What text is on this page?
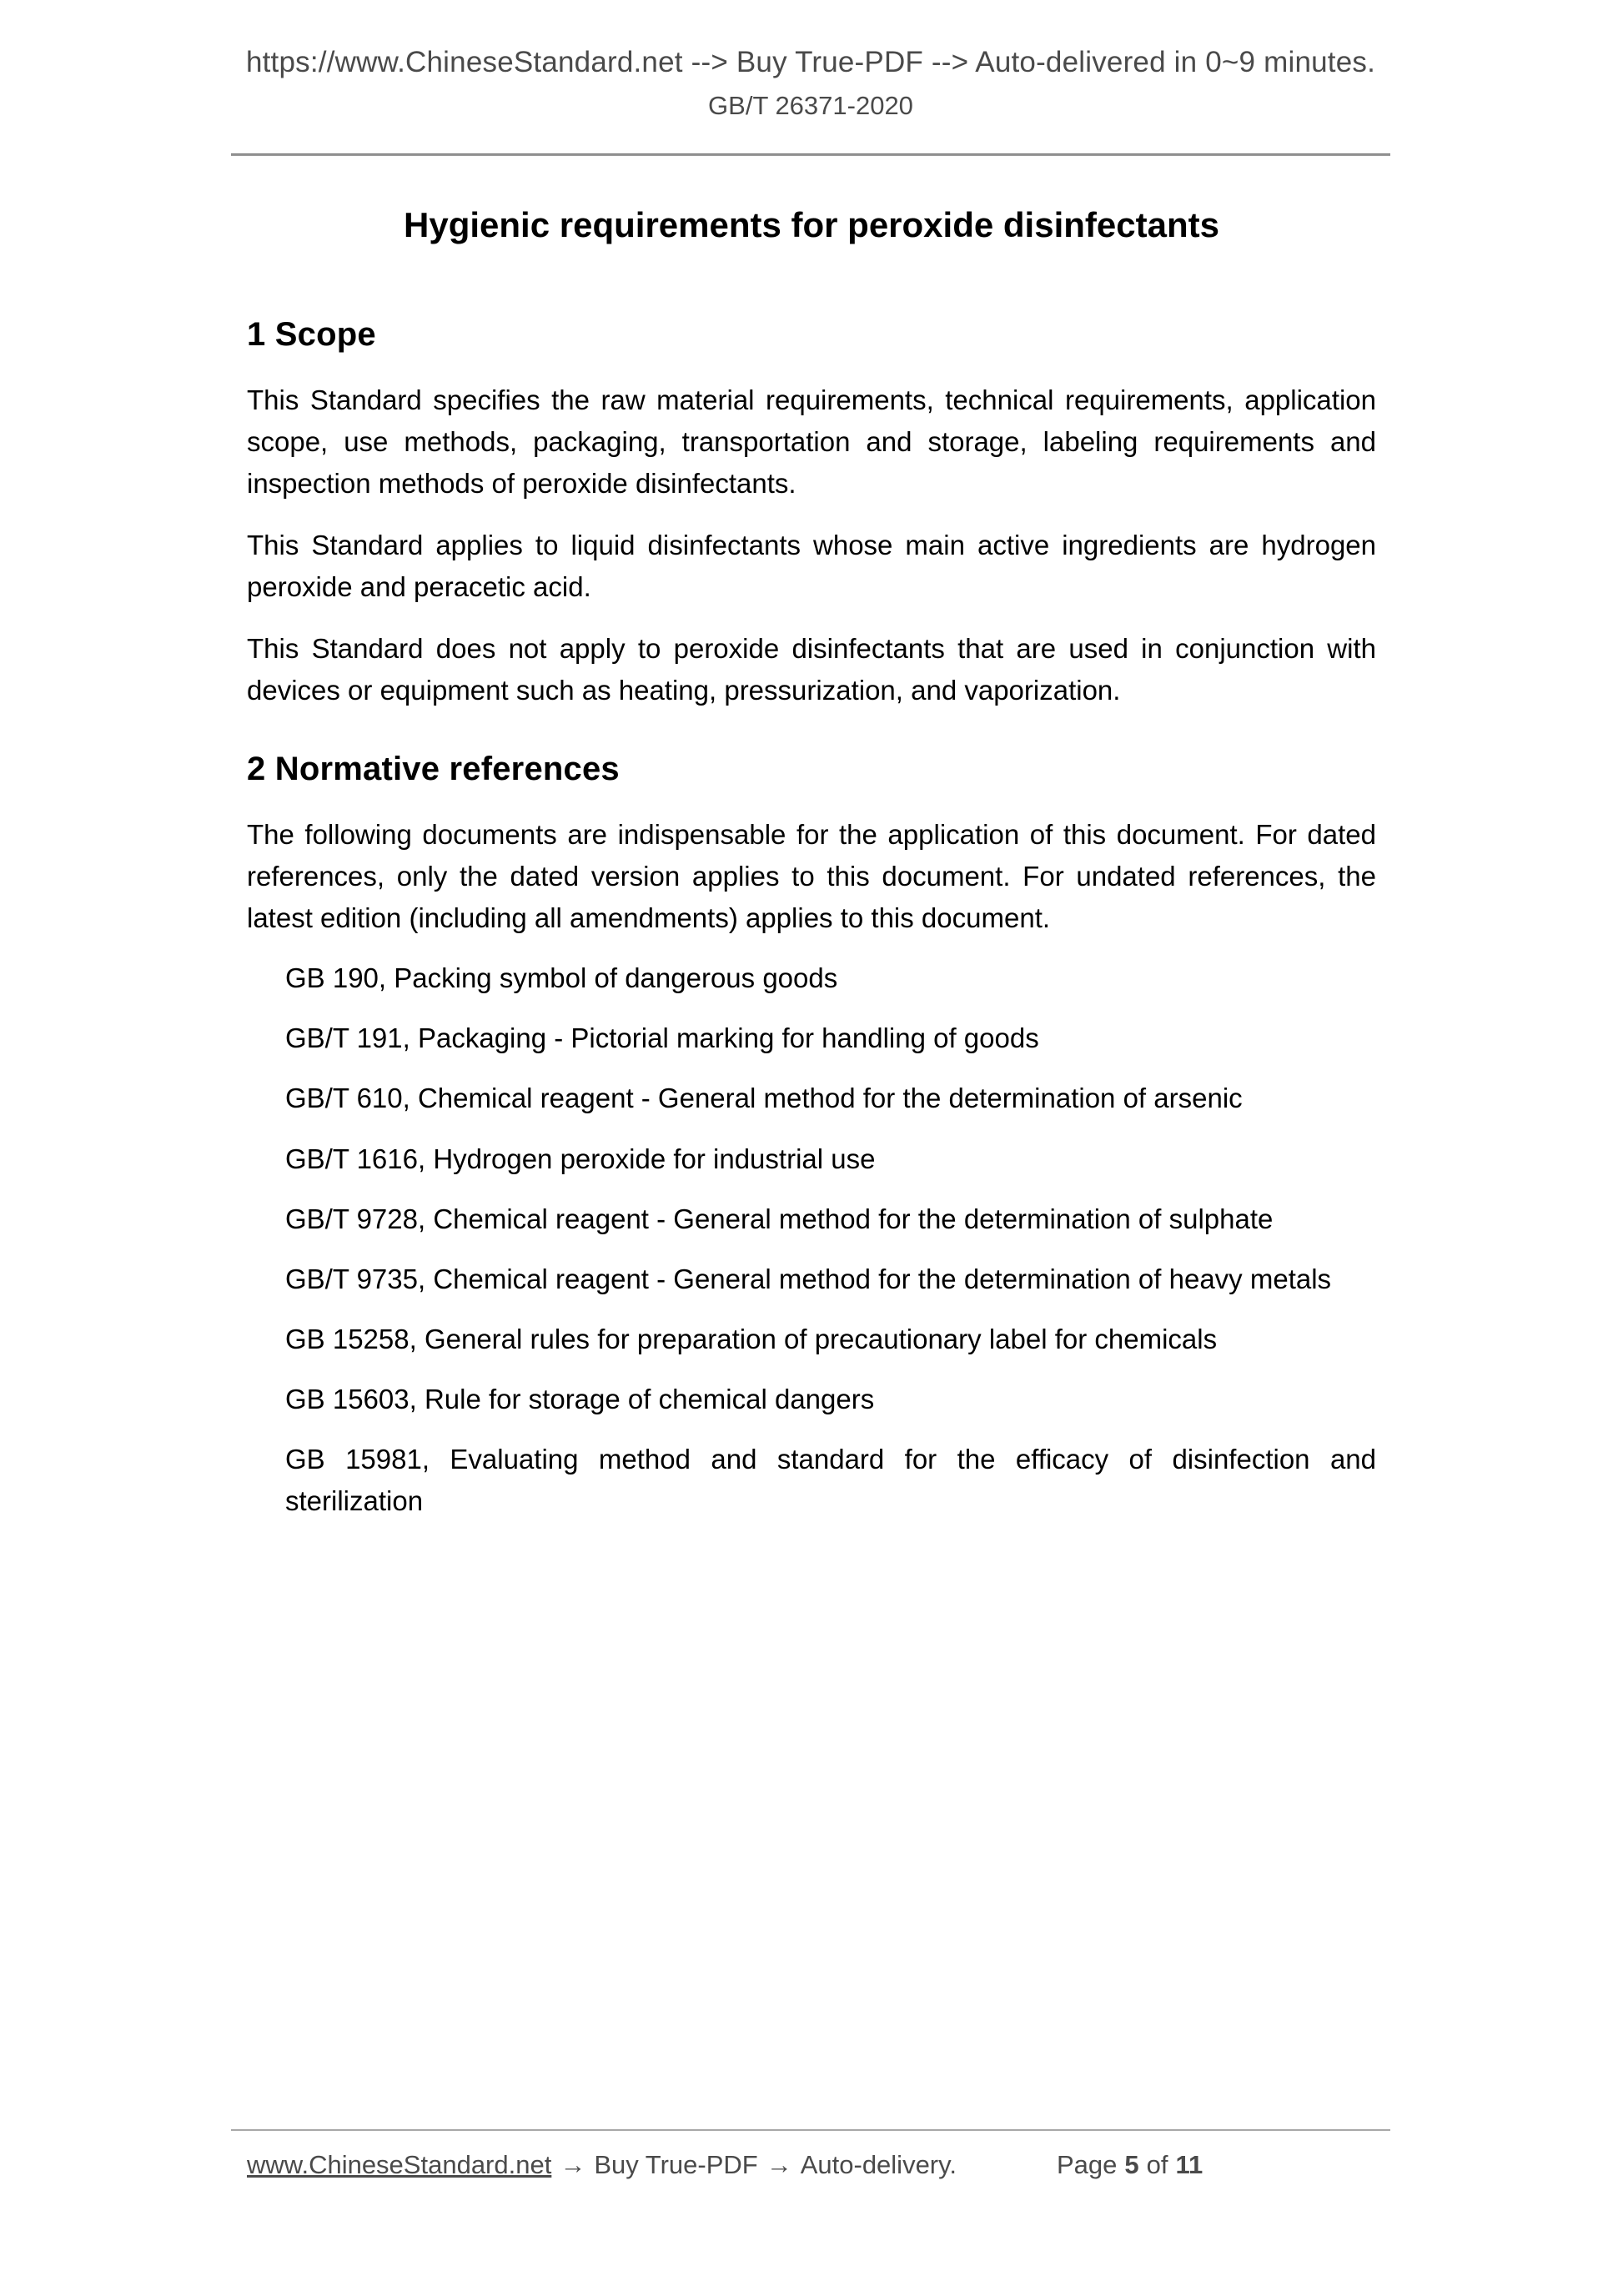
https://www.ChineseStandard.net --> Buy True-PDF --> Auto-delivered in 0~9 minutes.
GB/T 26371-2020
Hygienic requirements for peroxide disinfectants
1 Scope

This Standard specifies the raw material requirements, technical requirements, application scope, use methods, packaging, transportation and storage, labeling requirements and inspection methods of peroxide disinfectants.

This Standard applies to liquid disinfectants whose main active ingredients are hydrogen peroxide and peracetic acid.

This Standard does not apply to peroxide disinfectants that are used in conjunction with devices or equipment such as heating, pressurization, and vaporization.

2 Normative references

The following documents are indispensable for the application of this document. For dated references, only the dated version applies to this document. For undated references, the latest edition (including all amendments) applies to this document.

GB 190, Packing symbol of dangerous goods

GB/T 191, Packaging - Pictorial marking for handling of goods

GB/T 610, Chemical reagent - General method for the determination of arsenic

GB/T 1616, Hydrogen peroxide for industrial use

GB/T 9728, Chemical reagent - General method for the determination of sulphate

GB/T 9735, Chemical reagent - General method for the determination of heavy metals

GB 15258, General rules for preparation of precautionary label for chemicals

GB 15603, Rule for storage of chemical dangers

GB 15981, Evaluating method and standard for the efficacy of disinfection and sterilization

www.ChineseStandard.net → Buy True-PDF → Auto-delivery.	Page 5 of 11
